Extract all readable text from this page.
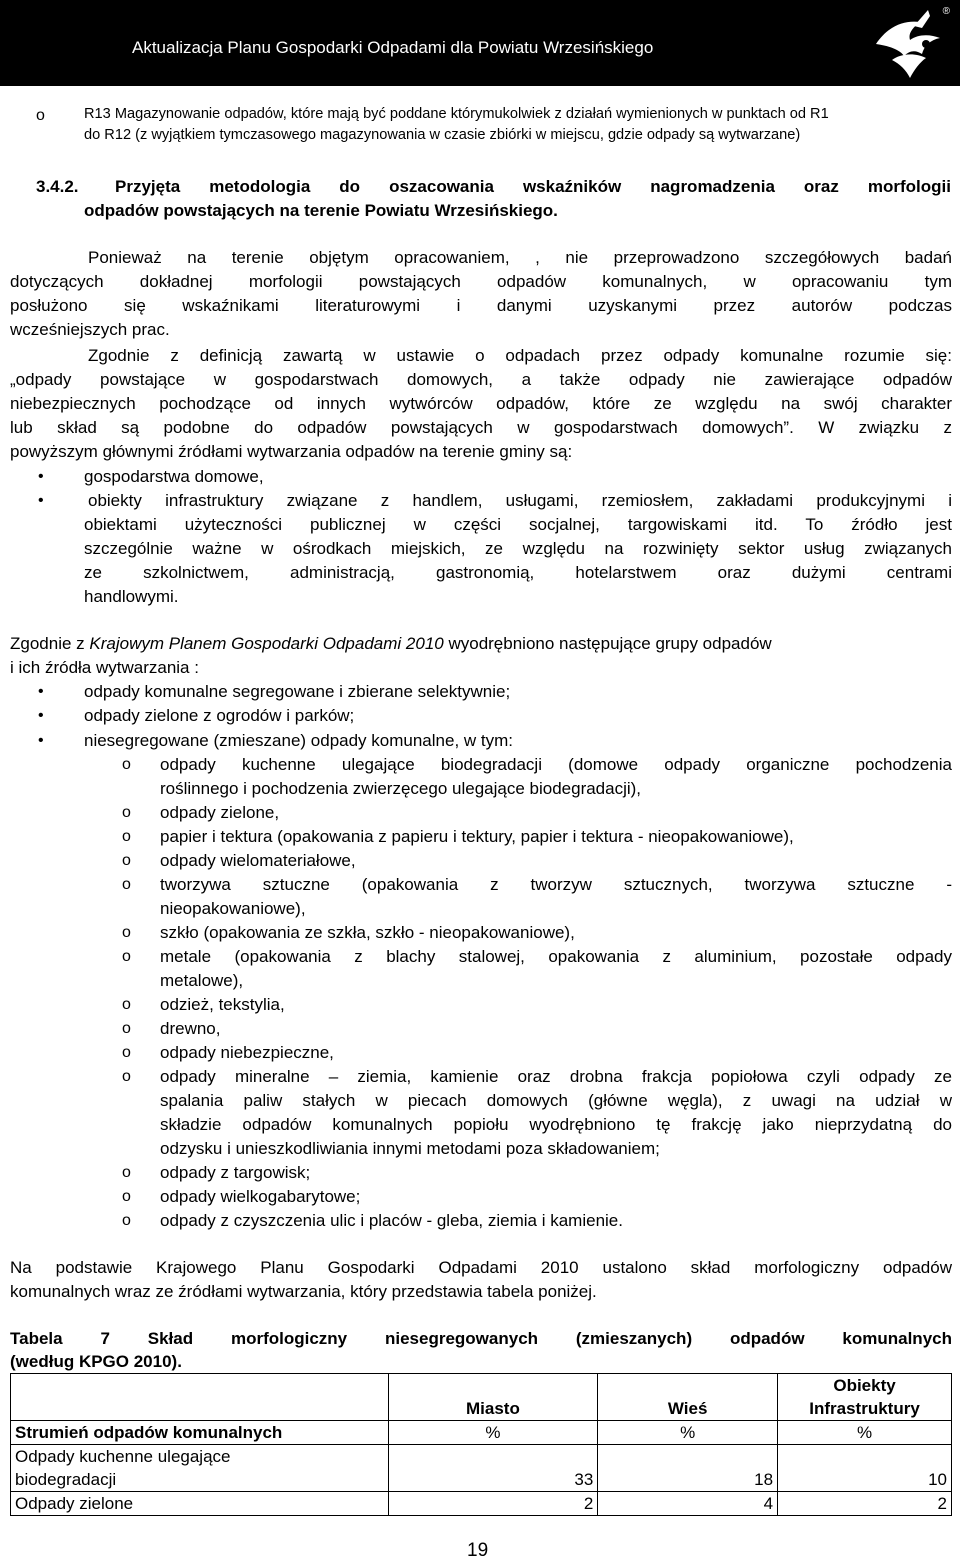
Aktualizacja Planu Gospodarki Odpadami dla Powiatu Wrzesińskiego
®
o	R13 Magazynowanie odpadów, które mają być poddane którymukolwiek z działań wymienionych w punktach od R1
do R12 (z wyjątkiem tymczasowego magazynowania w czasie zbiórki w miejscu, gdzie odpady są wytwarzane)
3.4.2. Przyjęta metodologia do oszacowania wskaźników nagromadzenia oraz morfologii
odpadów powstających na terenie Powiatu Wrzesińskiego.
Ponieważ na terenie objętym opracowaniem, , nie przeprowadzono szczegółowych badań
dotyczących dokładnej morfologii powstających odpadów komunalnych, w opracowaniu tym
posłużono się wskaźnikami literaturowymi i danymi uzyskanymi przez autorów podczas
wcześniejszych prac.
Zgodnie z definicją zawartą w ustawie o odpadach przez odpady komunalne rozumie się:
„odpady powstające w gospodarstwach domowych, a także odpady nie zawierające odpadów
niebezpiecznych pochodzące od innych wytwórców odpadów, które ze względu na swój charakter
lub skład są podobne do odpadów powstających w gospodarstwach domowych”. W związku z
powyższym głównymi źródłami wytwarzania odpadów na terenie gminy są:
• gospodarstwa domowe,
•	obiekty infrastruktury związane z handlem, usługami, rzemiosłem, zakładami produkcyjnymi i
obiektami użyteczności publicznej w części socjalnej, targowiskami itd. To źródło jest
szczególnie ważne w ośrodkach miejskich, ze względu na rozwinięty sektor usług związanych
ze szkolnictwem, administracją, gastronomią, hotelarstwem oraz dużymi centrami
handlowymi.
Zgodnie z Krajowym Planem Gospodarki Odpadami 2010 wyodrębniono następujące grupy odpadów
i ich źródła wytwarzania :
• odpady komunalne segregowane i zbierane selektywnie;
• odpady zielone z ogrodów i parków;
• niesegregowane (zmieszane) odpady komunalne, w tym:
o odpady kuchenne ulegające biodegradacji (domowe odpady organiczne pochodzenia
roślinnego i pochodzenia zwierzęcego ulegające biodegradacji),
o odpady zielone,
o papier i tektura (opakowania z papieru i tektury, papier i tektura - nieopakowaniowe),
o odpady wielomateriałowe,
o tworzywa sztuczne (opakowania z tworzyw sztucznych, tworzywa sztuczne -
nieopakowaniowe),
o szkło (opakowania ze szkła, szkło - nieopakowaniowe),
o metale (opakowania z blachy stalowej, opakowania z aluminium, pozostałe odpady
metalowe),
o odzież, tekstylia,
o drewno,
o odpady niebezpieczne,
o odpady mineralne – ziemia, kamienie oraz drobna frakcja popiołowa czyli odpady ze
spalania paliw stałych w piecach domowych (główne węgla), z uwagi na udział w
składzie odpadów komunalnych popiołu wyodrębniono tę frakcję jako nieprzydatną do
odzysku i unieszkodliwiania innymi metodami poza składowaniem;
o odpady z targowisk;
o odpady wielkogabarytowe;
o odpady z czyszczenia ulic i placów - gleba, ziemia i kamienie.
Na podstawie Krajowego Planu Gospodarki Odpadami 2010 ustalono skład morfologiczny odpadów
komunalnych wraz ze źródłami wytwarzania, który przedstawia tabela poniżej.
Tabela 7 Skład morfologiczny niesegregowanych (zmieszanych) odpadów komunalnych
(według KPGO 2010).
	Miasto	Wieś	Obiekty
Infrastruktury

Strumień odpadów komunalnych	%	%	%

Odpady kuchenne ulegające
biodegradacji	33	18	10
Odpady zielone	2	4	2
19
